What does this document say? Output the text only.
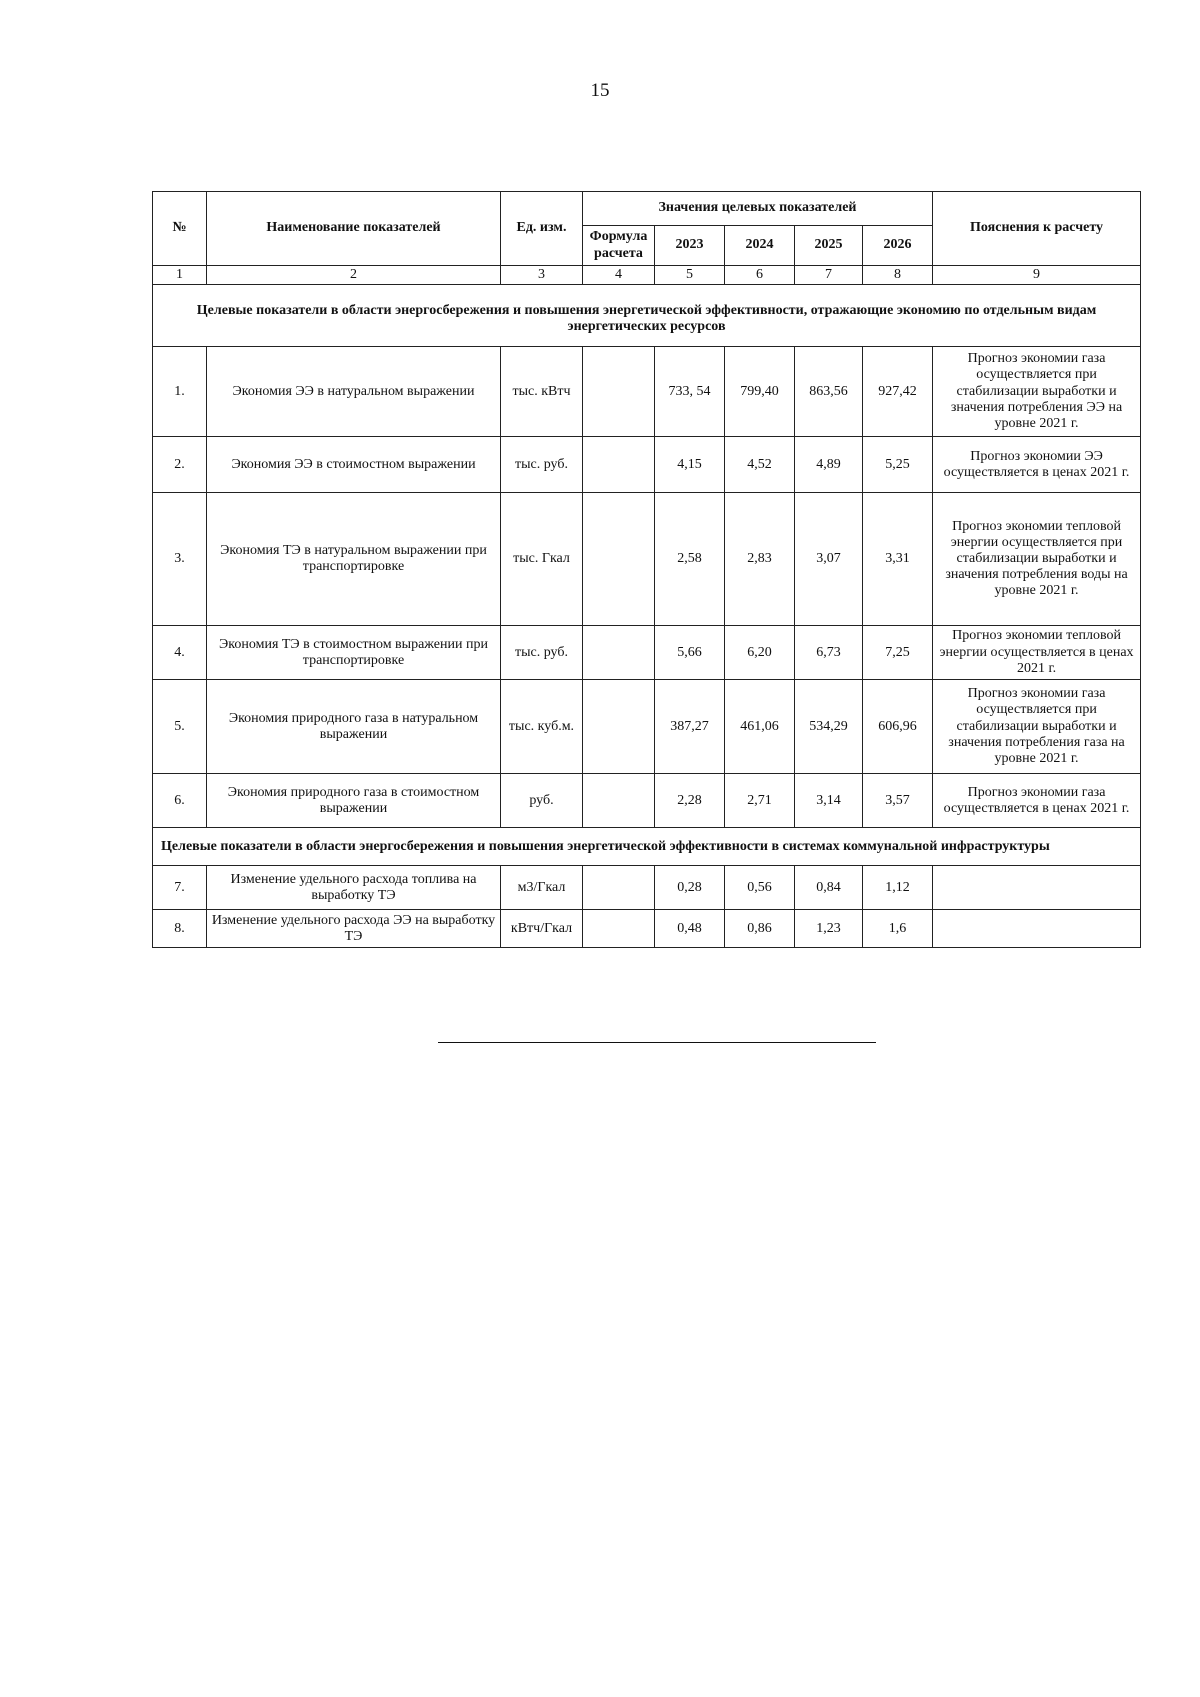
15
№	Наименование показателей	Ед. изм.	Значения целевых показателей					Пояснения к расчету
			Формула расчета	2023	2024	2025	2026	
1	2	3	4	5	6	7	8	9
Целевые показатели в области энергосбережения и повышения энергетической эффективности, отражающие экономию по отдельным видам энергетических ресурсов								
1.	Экономия ЭЭ в натуральном выражении	тыс. кВтч		733, 54	799,40	863,56	927,42	Прогноз экономии газа осуществляется при стабилизации выработки и значения потребления ЭЭ на уровне 2021 г.
2.	Экономия ЭЭ в стоимостном выражении	тыс. руб.		4,15	4,52	4,89	5,25	Прогноз экономии ЭЭ осуществляется в ценах 2021 г.
3.	Экономия ТЭ в натуральном выражении при транспортировке	тыс. Гкал		2,58	2,83	3,07	3,31	Прогноз экономии тепловой энергии осуществляется при стабилизации выработки и значения потребления воды на уровне 2021 г.
4.	Экономия ТЭ в стоимостном выражении при транспортировке	тыс. руб.		5,66	6,20	6,73	7,25	Прогноз экономии тепловой энергии осуществляется в ценах 2021 г.
5.	Экономия природного газа в натуральном выражении	тыс. куб.м.		387,27	461,06	534,29	606,96	Прогноз экономии газа осуществляется при стабилизации выработки и значения потребления газа на уровне 2021 г.
6.	Экономия природного газа в стоимостном выражении	руб.		2,28	2,71	3,14	3,57	Прогноз экономии газа осуществляется в ценах 2021 г.
Целевые показатели в области энергосбережения и повышения энергетической эффективности в системах коммунальной инфраструктуры								
7.	Изменение удельного расхода топлива на выработку ТЭ	м3/Гкал		0,28	0,56	0,84	1,12	
8.	Изменение удельного расхода ЭЭ на выработку ТЭ	кВтч/Гкал		0,48	0,86	1,23	1,6	
